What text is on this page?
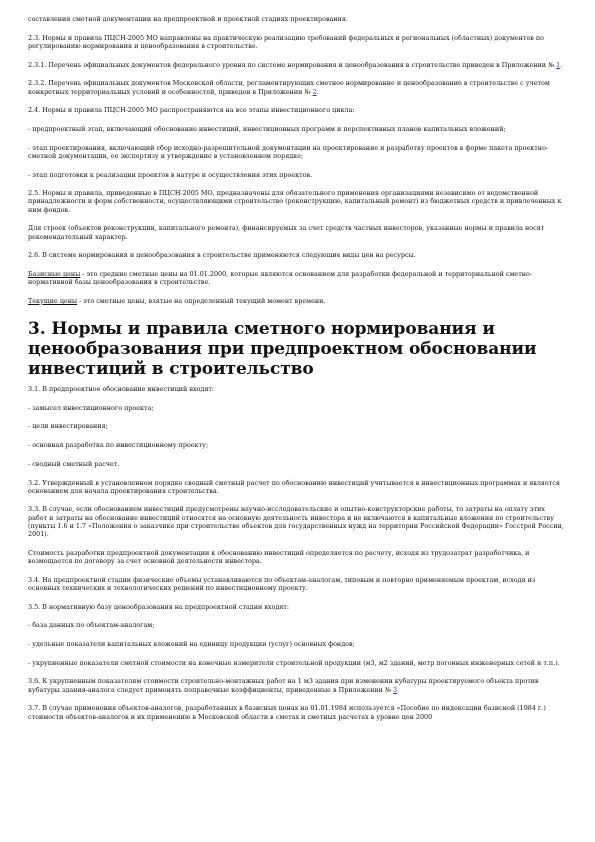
составления сметной документации на предпроектной и проектной стадиях проектирования.

2.3. Нормы и правила ПЦСН-2005 МО направлены на практическую реализацию требований федеральных и региональных (областных) документов по регулированию нормирования и ценообразования в строительстве.

2.3.1. Перечень официальных документов федерального уровня по системе нормирования и ценообразования в строительстве приведен в Приложении № 1.

2.3.2. Перечень официальных документов Московской области, регламентирующих сметное нормирование и ценообразование в строительстве с учетом конкретных территориальных условий и особенностей, приведен в Приложении № 2.

2.4. Нормы и правила ПЦСН-2005 МО распространяются на все этапы инвестиционного цикла:

- предпроектный этап, включающий обоснование инвестиций, инвестиционных программ и перспективных планов капитальных вложений;

- этап проектирования, включающий сбор исходно-разрешительной документации на проектирование и разработку проектов в форме пакета проектно-сметной документации, ее экспертизу и утверждение в установленном порядке;

- этап подготовки к реализации проектов в натуре и осуществления этих проектов.

2.5. Нормы и правила, приведенные в ПЦСН-2005 МО, предназначены для обязательного применения организациями независимо от ведомственной принадлежности и форм собственности, осуществляющими строительство (реконструкцию, капитальный ремонт) из бюджетных средств и привлеченных к ним фондов.

Для строек (объектов реконструкции, капитального ремонта), финансируемых за счет средств частных инвесторов, указанные нормы и правила носят рекомендательный характер.

2.6. В системе нормирования и ценообразования в строительстве применяются следующие виды цен на ресурсы.

Базисные цены - это средние сметные цены на 01.01.2000, которые являются основанием для разработки федеральной и территориальной сметно-нормативной базы ценообразования в строительстве.

Текущие цены - это сметные цены, взятые на определенный текущий момент времени.

3. Нормы и правила сметного нормирования и ценообразования при предпроектном обосновании инвестиций в строительство

3.1. В предпроектное обоснование инвестиций входят:

- замысел инвестиционного проекта;

- цели инвестирования;

- основная разработка по инвестиционному проекту;

- сводный сметный расчет.

3.2. Утвержденный в установленном порядке сводный сметный расчет по обоснованию инвестиций учитывается в инвестиционных программах и является основанием для начала проектирования строительства.

3.3. В случае, если обоснованием инвестиций предусмотрены научно-исследовательские и опытно-конструкторские работы, то затраты на оплату этих работ и затраты на обоснование инвестиций относятся на основную деятельность инвестора и не включаются в капитальные вложения по строительству (пункты 1.6 и 1.7 «Положения о заказчике при строительстве объектов для государственных нужд на территории Российской Федерации» Госстрой России, 2001).

Стоимость разработки предпроектной документации к обоснованию инвестиций определяется по расчету, исходя из трудозатрат разработчика, и возмещается по договору за счет основной деятельности инвестора.

3.4. На предпроектной стадии физические объемы устанавливаются по объектам-аналогам, типовым и повторно применяемым проектам, исходя из основных технических и технологических решений по инвестиционному проекту.

3.5. В нормативную базу ценообразования на предпроектной стадии входят:

- база данных по объектам-аналогам;

- удельные показатели капитальных вложений на единицу продукции (услуг) основных фондов;

- укрупненные показатели сметной стоимости на конечные измерители строительной продукции (м3, м2 зданий, метр погонных инженерных сетей и т.п.).

3.6. К укрупненным показателям стоимости строительно-монтажных работ на 1 м3 здания при изменении кубатуры проектируемого объекта против кубатуры здания-аналога следует применять поправочные коэффициенты, приведенные в Приложении № 3.

3.7. В случае применения объектов-аналогов, разработанных в базисных ценах на 01.01.1984 используется «Пособие по индексации базисной (1984 г.) стоимости объектов-аналогов и их применению в Московской области в сметах и сметных расчетах в уровне цен 2000
